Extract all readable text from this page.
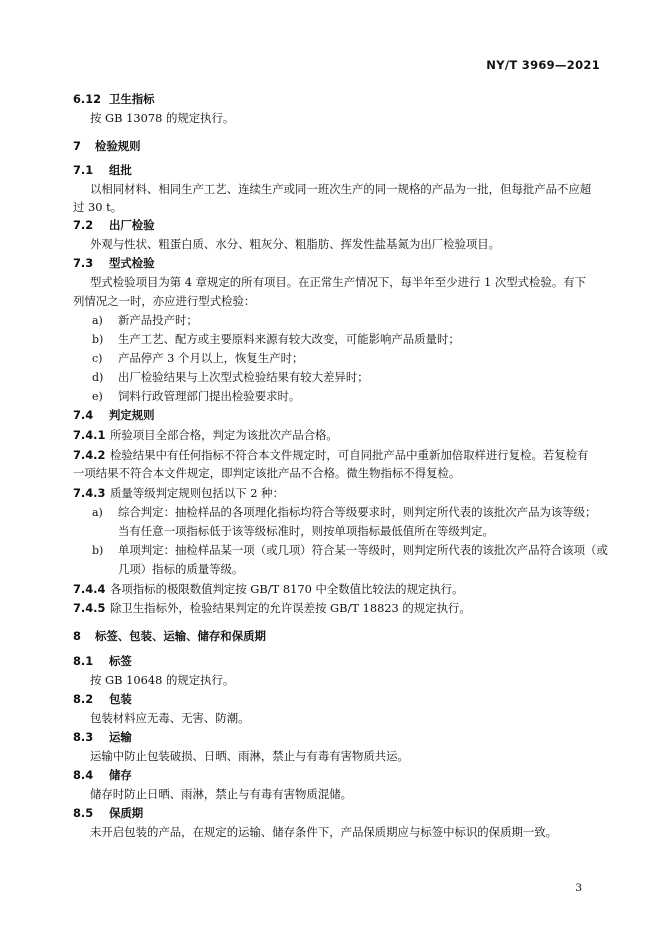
NY/T 3969—2021
6.12 卫生指标
按 GB 13078 的规定执行。
7 检验规则
7.1 组批
以相同材料、相同生产工艺、连续生产或同一班次生产的同一规格的产品为一批，但每批产品不应超
过 30 t。
7.2 出厂检验
外观与性状、粗蛋白质、水分、粗灰分、粗脂肪、挥发性盐基氮为出厂检验项目。
7.3 型式检验
型式检验项目为第 4 章规定的所有项目。在正常生产情况下，每半年至少进行 1 次型式检验。有下
列情况之一时，亦应进行型式检验：
a) 新产品投产时；
b) 生产工艺、配方或主要原料来源有较大改变，可能影响产品质量时；
c) 产品停产 3 个月以上，恢复生产时；
d) 出厂检验结果与上次型式检验结果有较大差异时；
e) 饲料行政管理部门提出检验要求时。
7.4 判定规则
7.4.1 所验项目全部合格，判定为该批次产品合格。
7.4.2 检验结果中有任何指标不符合本文件规定时，可自同批产品中重新加倍取样进行复检。若复检有
一项结果不符合本文件规定，即判定该批产品不合格。微生物指标不得复检。
7.4.3 质量等级判定规则包括以下 2 种：
a) 综合判定：抽检样品的各项理化指标均符合等级要求时，则判定所代表的该批次产品为该等级；
当有任意一项指标低于该等级标准时，则按单项指标最低值所在等级判定。
b) 单项判定：抽检样品某一项（或几项）符合某一等级时，则判定所代表的该批次产品符合该项（或
几项）指标的质量等级。
7.4.4 各项指标的极限数值判定按 GB/T 8170 中全数值比较法的规定执行。
7.4.5 除卫生指标外，检验结果判定的允许误差按 GB/T 18823 的规定执行。
8 标签、包装、运输、储存和保质期
8.1 标签
按 GB 10648 的规定执行。
8.2 包装
包装材料应无毒、无害、防潮。
8.3 运输
运输中防止包装破损、日晒、雨淋，禁止与有毒有害物质共运。
8.4 储存
储存时防止日晒、雨淋，禁止与有毒有害物质混储。
8.5 保质期
未开启包装的产品，在规定的运输、储存条件下，产品保质期应与标签中标识的保质期一致。
3
